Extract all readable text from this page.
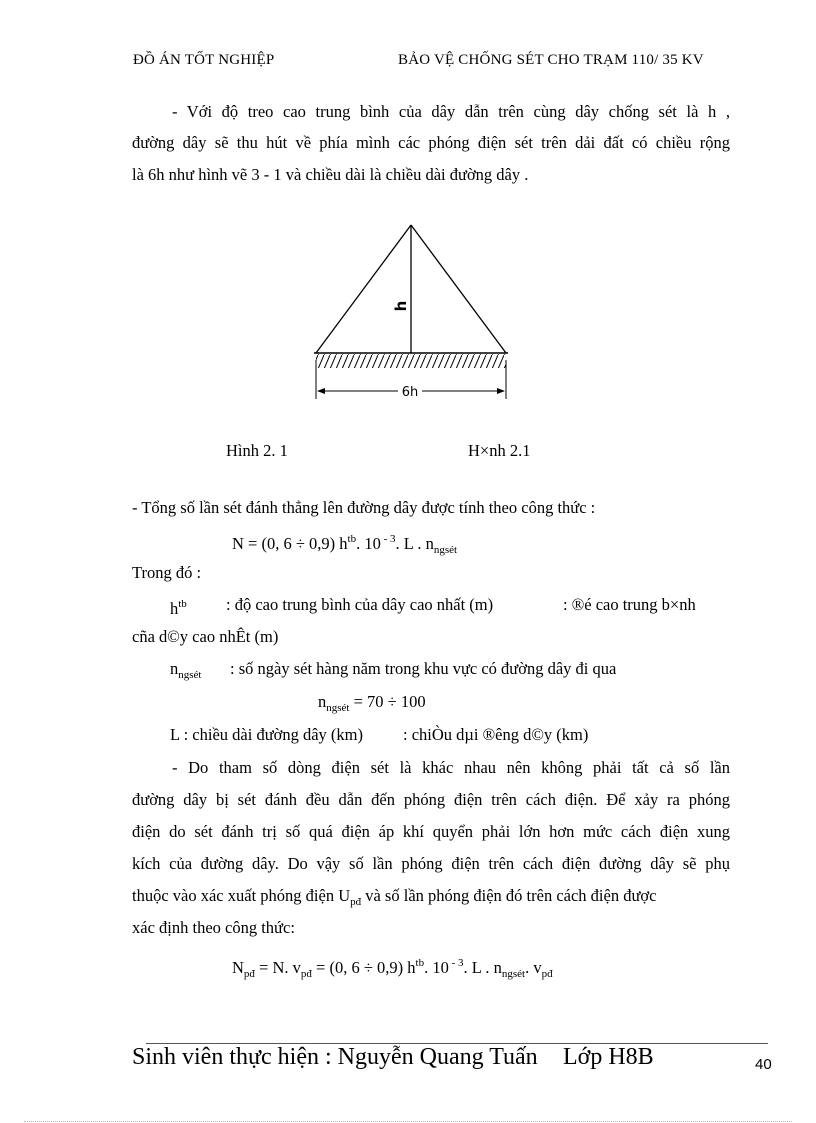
ĐỒ ÁN TỐT NGHIỆP	BẢO VỆ CHỐNG SÉT CHO TRẠM 110/ 35 KV
- Với độ treo cao trung bình của dây dẫn trên cùng dây chống sét là h ,
đường dây sẽ thu hút về phía mình các phóng điện sét trên dải đất có chiều rộng
là 6h như hình vẽ 3 - 1 và chiều dài là chiều dài đường dây .
6h
h
Hình 2. 1	H×nh 2.1
- Tổng số lần sét đánh thẳng lên đường dây được tính theo công thức :
N = (0, 6 ÷ 0,9) $h^{tb}$. 10 $^{- 3}$. L . $n_{ngsét}$
Trong đó :
$h^{tb}$ : độ cao trung bình của dây cao nhất (m)	: ®é cao trung b×nh
cña d©y cao nhÊt (m)
$n_{ngsét}$ : số ngày sét hàng năm trong khu vực có đường dây đi qua
$n_{ngsét} = 70 \div 100$
L : chiều dài đường dây (km) : chiÒu dµi ®êng d©y (km)
- Do tham số dòng điện sét là khác nhau nên không phải tất cả số lần
đường dây bị sét đánh đều dẫn đến phóng điện trên cách điện. Để xảy ra phóng
điện do sét đánh trị số quá điện áp khí quyển phải lớn hơn mức cách điện xung
kích của đường dây. Do vậy số lần phóng điện trên cách điện đường dây sẽ phụ
thuộc vào xác xuất phóng điện $U_{pđ}$ và số lần phóng điện đó trên cách điện được
xác định theo công thức:
$N_{pđ} = N$. $v_{pđ} = (0$, 6 ÷ 0,9) $h^{tb}$. 10 $^{- 3}$. L . $n_{ngsét}$. $v_{pđ}$
Sinh viên thực hiện : Nguyễn Quang Tuấn Lớp H8B	40
